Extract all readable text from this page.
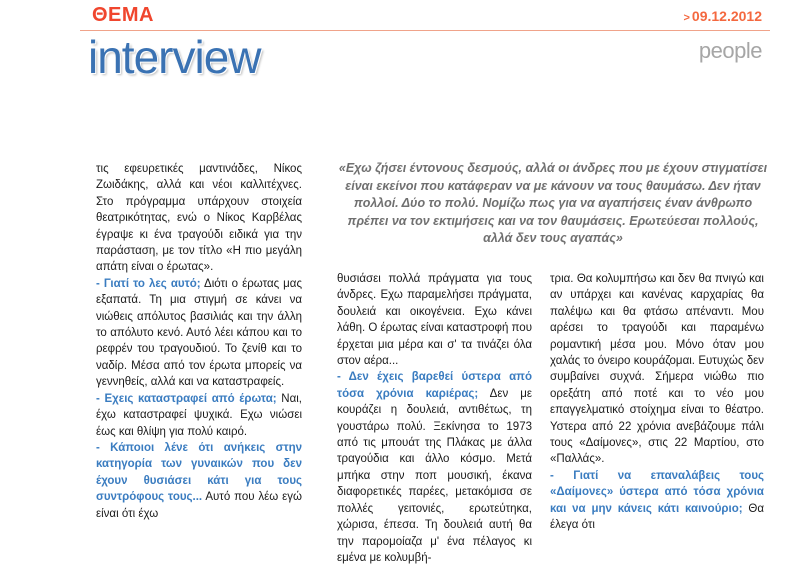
ΘΕΜΑ	> 09.12.2012
interview	people
«Εχω ζήσει έντονους δεσμούς, αλλά οι άνδρες που με έχουν στιγματίσει είναι εκείνοι που κατάφεραν να με κάνουν να τους θαυμάσω. Δεν ήταν πολλοί. Δύο το πολύ. Νομίζω πως για να αγαπήσεις έναν άνθρωπο πρέπει να τον εκτιμήσεις και να τον θαυμάσεις. Ερωτεύεσαι πολλούς, αλλά δεν τους αγαπάς»

τις εφευρετικές μαντινάδες, Νίκος Ζωιδάκης, αλλά και νέοι καλλιτέχνες. Στο πρόγραμμα υπάρχουν στοιχεία θεατρικότητας, ενώ ο Νίκος Καρβέλας έγραψε κι ένα τραγούδι ειδικά για την παράσταση, με τον τίτλο «Η πιο μεγάλη απάτη είναι ο έρωτας».

- Γιατί το λες αυτό; Διότι ο έρωτας μας εξαπατά. Τη μια στιγμή σε κάνει να νιώθεις απόλυτος βασιλιάς και την άλλη το απόλυτο κενό. Αυτό λέει κάπου και το ρεφρέν του τραγουδιού. Το ζενίθ και το ναδίρ. Μέσα από τον έρωτα μπορείς να γεννηθείς, αλλά και να καταστραφείς.

- Εχεις καταστραφεί από έρωτα; Ναι, έχω καταστραφεί ψυχικά. Εχω νιώσει έως και θλίψη για πολύ καιρό.

- Κάποιοι λένε ότι ανήκεις στην κατηγορία των γυναικών που δεν έχουν θυσιάσει κάτι για τους συντρόφους τους... Αυτό που λέω εγώ είναι ότι έχω

θυσιάσει πολλά πράγματα για τους άνδρες. Εχω παραμελήσει πράγματα, δουλειά και οικογένεια. Εχω κάνει λάθη. Ο έρωτας είναι καταστροφή που έρχεται μια μέρα και σ' τα τινάζει όλα στον αέρα...

- Δεν έχεις βαρεθεί ύστερα από τόσα χρόνια καριέρας; Δεν με κουράζει η δουλειά, αντιθέτως, τη γουστάρω πολύ. Ξεκίνησα το 1973 από τις μπουάτ της Πλάκας με άλλα τραγούδια και άλλο κόσμο. Μετά μπήκα στην ποπ μουσική, έκανα διαφορετικές παρέες, μετακόμισα σε πολλές γειτονιές, ερωτεύτηκα, χώρισα, έπεσα. Τη δουλειά αυτή θα την παρομοίαζα μ' ένα πέλαγος κι εμένα με κολυμβή-

τρια. Θα κολυμπήσω και δεν θα πνιγώ και αν υπάρχει και κανένας καρχαρίας θα παλέψω και θα φτάσω απέναντι. Μου αρέσει το τραγούδι και παραμένω ρομαντική μέσα μου. Μόνο όταν μου χαλάς το όνειρο κουράζομαι. Ευτυχώς δεν συμβαίνει συχνά. Σήμερα νιώθω πιο ορεξάτη από ποτέ και το νέο μου επαγγελματικό στοίχημα είναι το θέατρο. Υστερα από 22 χρόνια ανεβάζουμε πάλι τους «Δαίμονες», στις 22 Μαρτίου, στο «Παλλάς».

- Γιατί να επαναλάβεις τους «Δαίμονες» ύστερα από τόσα χρόνια και να μην κάνεις κάτι καινούριο; Θα έλεγα ότι
